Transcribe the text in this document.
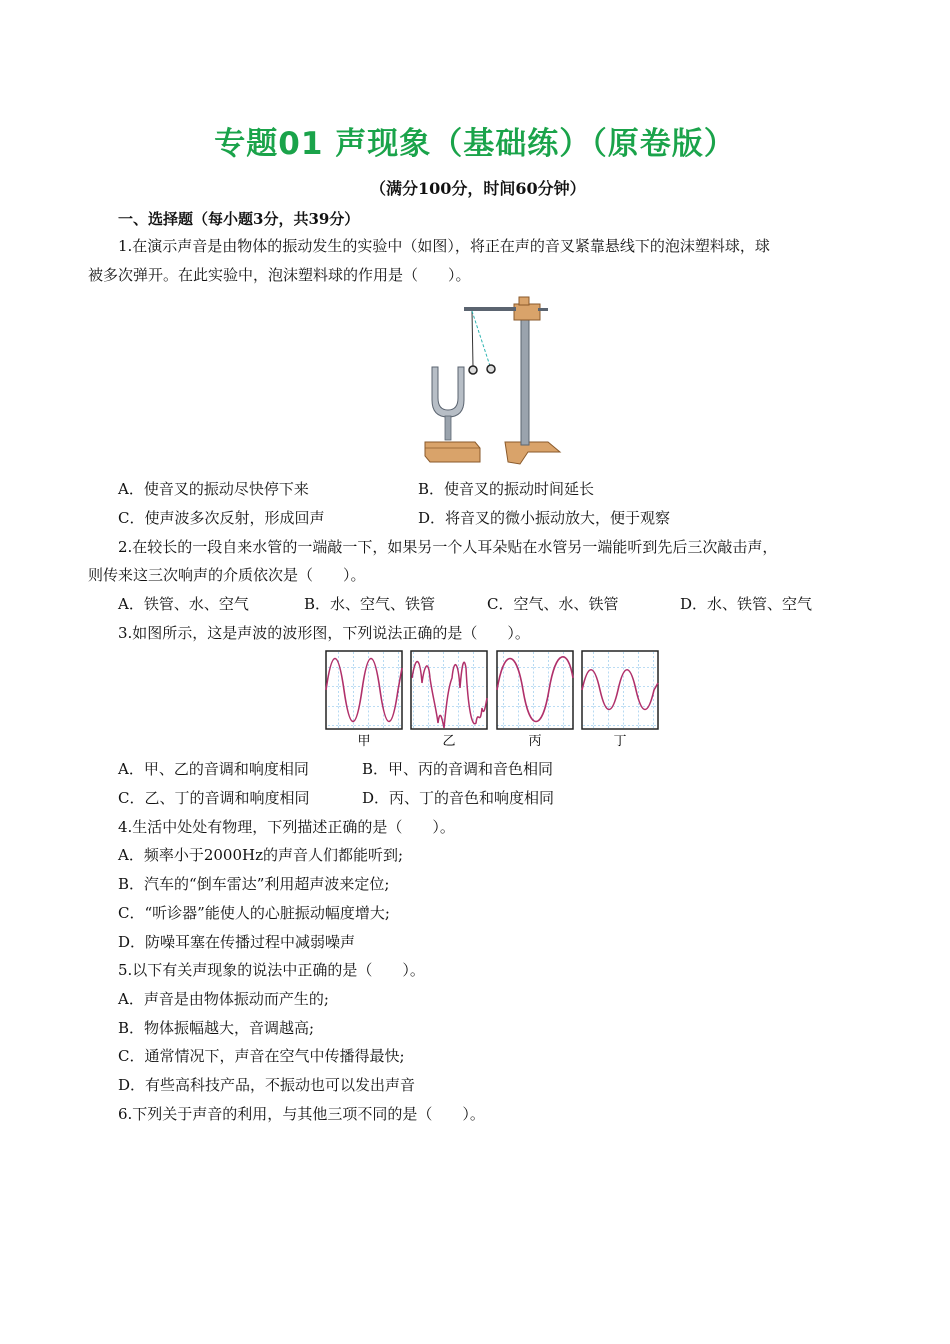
专题01 声现象（基础练）（原卷版）
（满分100分，时间60分钟）
一、选择题（每小题3分，共39分）
1.在演示声音是由物体的振动发生的实验中（如图），将正在声的音叉紧靠悬线下的泡沫塑料球，球
被多次弹开。在此实验中，泡沫塑料球的作用是（　　）。
A．使音叉的振动尽快停下来	B．使音叉的振动时间延长
C．使声波多次反射，形成回声	D．将音叉的微小振动放大，便于观察
2.在较长的一段自来水管的一端敲一下，如果另一个人耳朵贴在水管另一端能听到先后三次敲击声，
则传来这三次响声的介质依次是（　　）。
A．铁管、水、空气	B．水、空气、铁管	C．空气、水、铁管	D．水、铁管、空气
3.如图所示，这是声波的波形图，下列说法正确的是（　　）。
甲	乙	丙	丁
A．甲、乙的音调和响度相同	B．甲、丙的音调和音色相同
C．乙、丁的音调和响度相同	D．丙、丁的音色和响度相同
4.生活中处处有物理，下列描述正确的是（　　）。
A．频率小于2000Hz的声音人们都能听到;
B．汽车的“倒车雷达”利用超声波来定位;
C．“听诊器”能使人的心脏振动幅度增大;
D．防噪耳塞在传播过程中减弱噪声
5.以下有关声现象的说法中正确的是（　　）。
A．声音是由物体振动而产生的;
B．物体振幅越大，音调越高;
C．通常情况下，声音在空气中传播得最快;
D．有些高科技产品，不振动也可以发出声音
6.下列关于声音的利用，与其他三项不同的是（　　）。
